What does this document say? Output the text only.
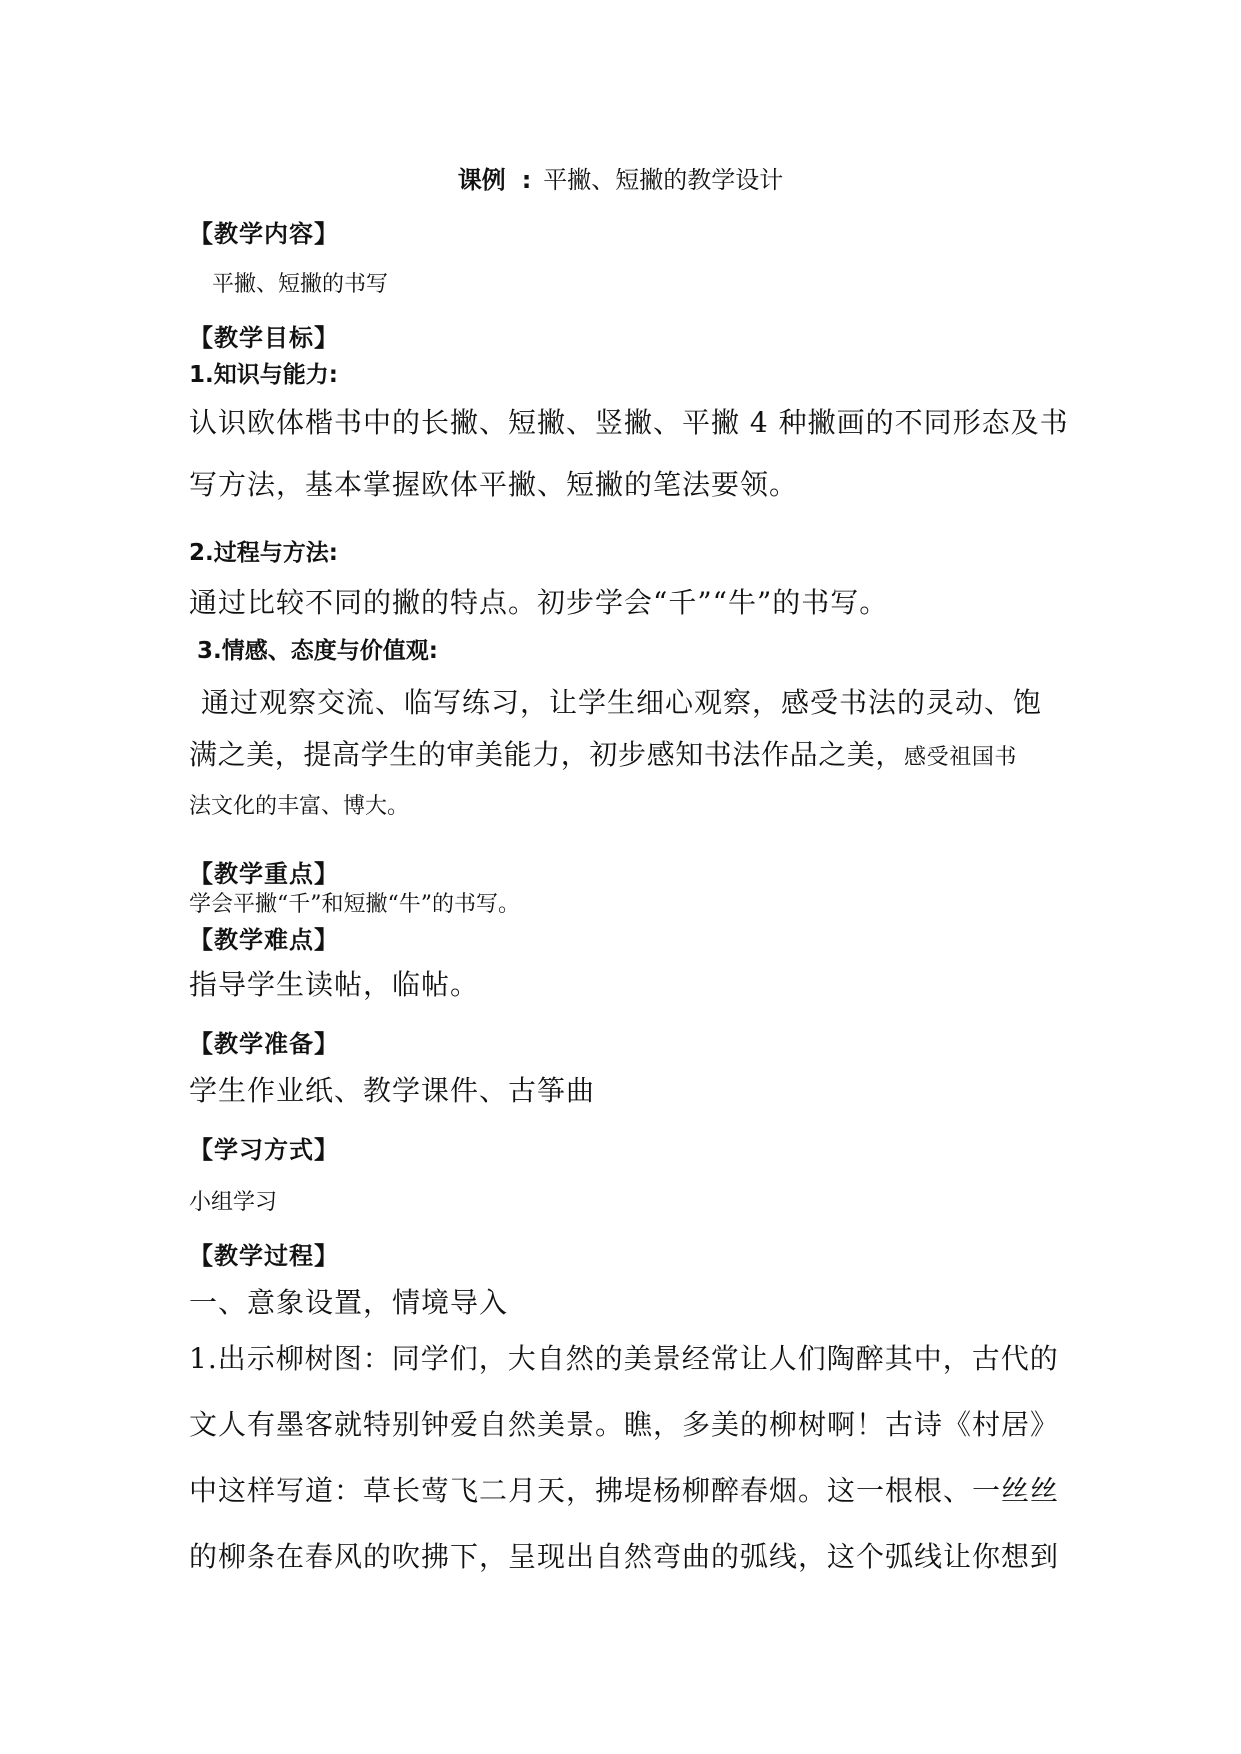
课例 : 平撇、短撇的教学设计
【教学内容】
平撇、短撇的书写
【教学目标】
1.知识与能力:
认识欧体楷书中的长撇、短撇、竖撇、平撇 4 种撇画的不同形态及书
写方法，基本掌握欧体平撇、短撇的笔法要领。
2.过程与方法:
通过比较不同的撇的特点。初步学会“千”“牛”的书写。
3.情感、态度与价值观:
通过观察交流、临写练习，让学生细心观察，感受书法的灵动、饱
满之美，提高学生的审美能力，初步感知书法作品之美，感受祖国书
法文化的丰富、博大。
【教学重点】
学会平撇“千”和短撇“牛”的书写。
【教学难点】
指导学生读帖，临帖。
【教学准备】
学生作业纸、教学课件、古筝曲
【学习方式】
小组学习
【教学过程】
一、意象设置，情境导入
1.出示柳树图：同学们，大自然的美景经常让人们陶醉其中，古代的
文人有墨客就特别钟爱自然美景。瞧，多美的柳树啊！古诗《村居》
中这样写道：草长莺飞二月天，拂堤杨柳醉春烟。这一根根、一丝丝
的柳条在春风的吹拂下，呈现出自然弯曲的弧线，这个弧线让你想到
